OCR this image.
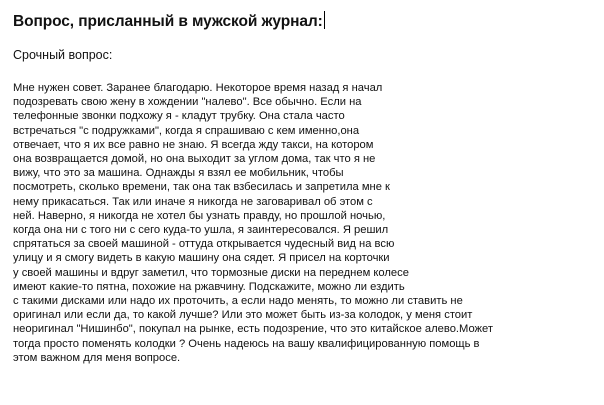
Вопрос, присланный в мужской журнал:
Срочный вопрос:
Мне нужен совет. Заранее благодарю. Некоторое время назад я начал
подозревать свою жену в хождении "налево". Все обычно. Если на
телефонные звонки подхожу я - кладут трубку. Она стала часто
встречаться "с подружками", когда я спрашиваю с кем именно,она
отвечает, что я их все равно не знаю. Я всегда жду такси, на котором
она возвращается домой, но она выходит за углом дома, так что я не
вижу, что это за машина. Однажды я взял ее мобильник, чтобы
посмотреть, сколько времени, так она так взбесилась и запретила мне к
нему прикасаться. Так или иначе я никогда не заговаривал об этом с
ней. Наверно, я никогда не хотел бы узнать правду, но прошлой ночью,
когда она ни с того ни с сего куда-то ушла, я заинтересовался. Я решил
спрятаться за своей машиной - оттуда открывается чудесный вид на всю
улицу и я смогу видеть в какую машину она сядет. Я присел на корточки
у своей машины и вдруг заметил, что тормозные диски на переднем колесе
имеют какие-то пятна, похожие на ржавчину. Подскажите, можно ли ездить
с такими дисками или надо их проточить, а если надо менять, то можно ли ставить не
оригинал или если да, то какой лучше? Или это может быть из-за колодок, у меня стоит
неоригинал "Нишинбо", покупал на рынке, есть подозрение, что это китайское алево.Может
тогда просто поменять колодки ? Очень надеюсь на вашу квалифицированную помощь в
этом важном для меня вопросе.
